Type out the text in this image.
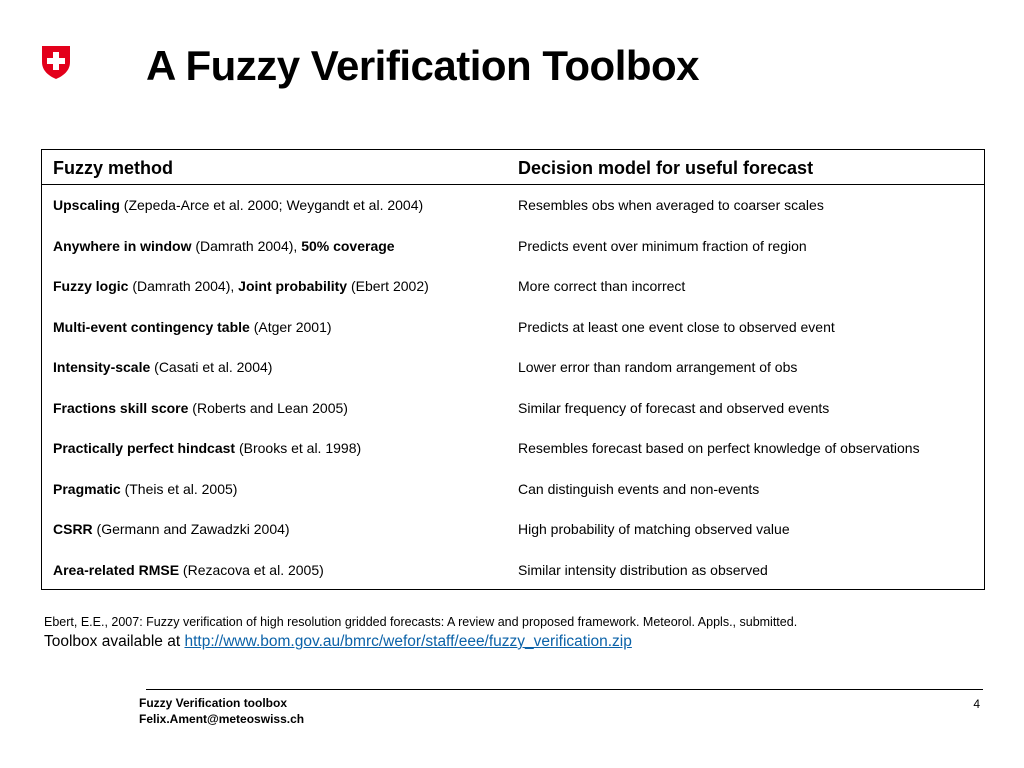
A Fuzzy Verification Toolbox
Fuzzy method	Decision model for useful forecast
Upscaling (Zepeda-Arce et al. 2000; Weygandt et al. 2004)	Resembles obs when averaged to coarser scales
Anywhere in window (Damrath 2004), 50% coverage	Predicts event over minimum fraction of region
Fuzzy logic (Damrath 2004), Joint probability (Ebert 2002)	More correct than incorrect
Multi-event contingency table (Atger 2001)	Predicts at least one event close to observed event
Intensity-scale (Casati et al. 2004)	Lower error than random arrangement of obs
Fractions skill score (Roberts and Lean 2005)	Similar frequency of forecast and observed events
Practically perfect hindcast (Brooks et al. 1998)	Resembles forecast based on perfect knowledge of observations
Pragmatic (Theis et al. 2005)	Can distinguish events and non-events
CSRR (Germann and Zawadzki 2004)	High probability of matching observed value
Area-related RMSE (Rezacova et al. 2005)	Similar intensity distribution as observed
Ebert, E.E., 2007: Fuzzy verification of high resolution gridded forecasts: A review and proposed framework. Meteorol. Appls., submitted.
Toolbox available at http://www.bom.gov.au/bmrc/wefor/staff/eee/fuzzy_verification.zip
Fuzzy Verification toolbox
Felix.Ament@meteoswiss.ch
4
